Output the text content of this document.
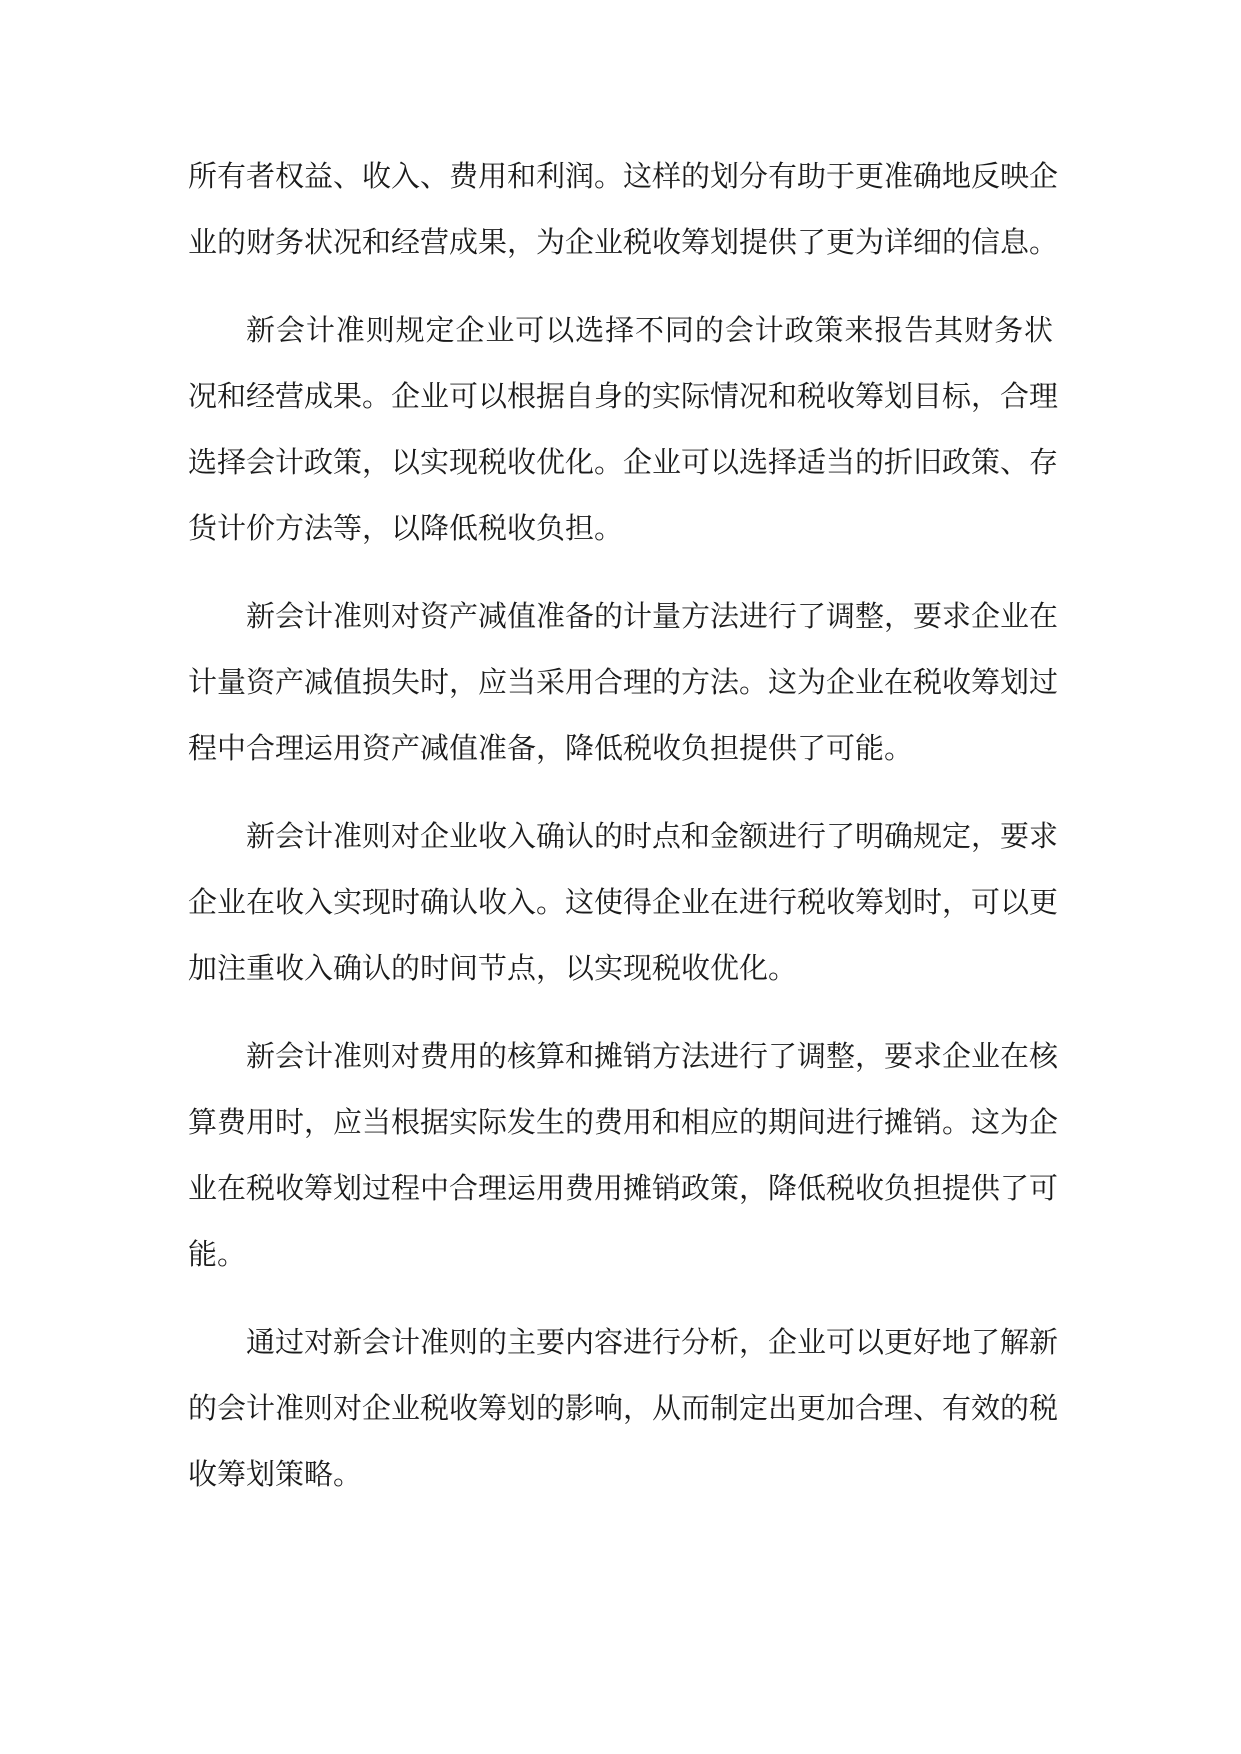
所有者权益、收入、费用和利润。这样的划分有助于更准确地反映企
业的财务状况和经营成果，为企业税收筹划提供了更为详细的信息。
新会计准则规定企业可以选择不同的会计政策来报告其财务状
况和经营成果。企业可以根据自身的实际情况和税收筹划目标，合理
选择会计政策，以实现税收优化。企业可以选择适当的折旧政策、存
货计价方法等，以降低税收负担。
新会计准则对资产减值准备的计量方法进行了调整，要求企业在
计量资产减值损失时，应当采用合理的方法。这为企业在税收筹划过
程中合理运用资产减值准备，降低税收负担提供了可能。
新会计准则对企业收入确认的时点和金额进行了明确规定，要求
企业在收入实现时确认收入。这使得企业在进行税收筹划时，可以更
加注重收入确认的时间节点，以实现税收优化。
新会计准则对费用的核算和摊销方法进行了调整，要求企业在核
算费用时，应当根据实际发生的费用和相应的期间进行摊销。这为企
业在税收筹划过程中合理运用费用摊销政策，降低税收负担提供了可
能。
通过对新会计准则的主要内容进行分析，企业可以更好地了解新
的会计准则对企业税收筹划的影响，从而制定出更加合理、有效的税
收筹划策略。
